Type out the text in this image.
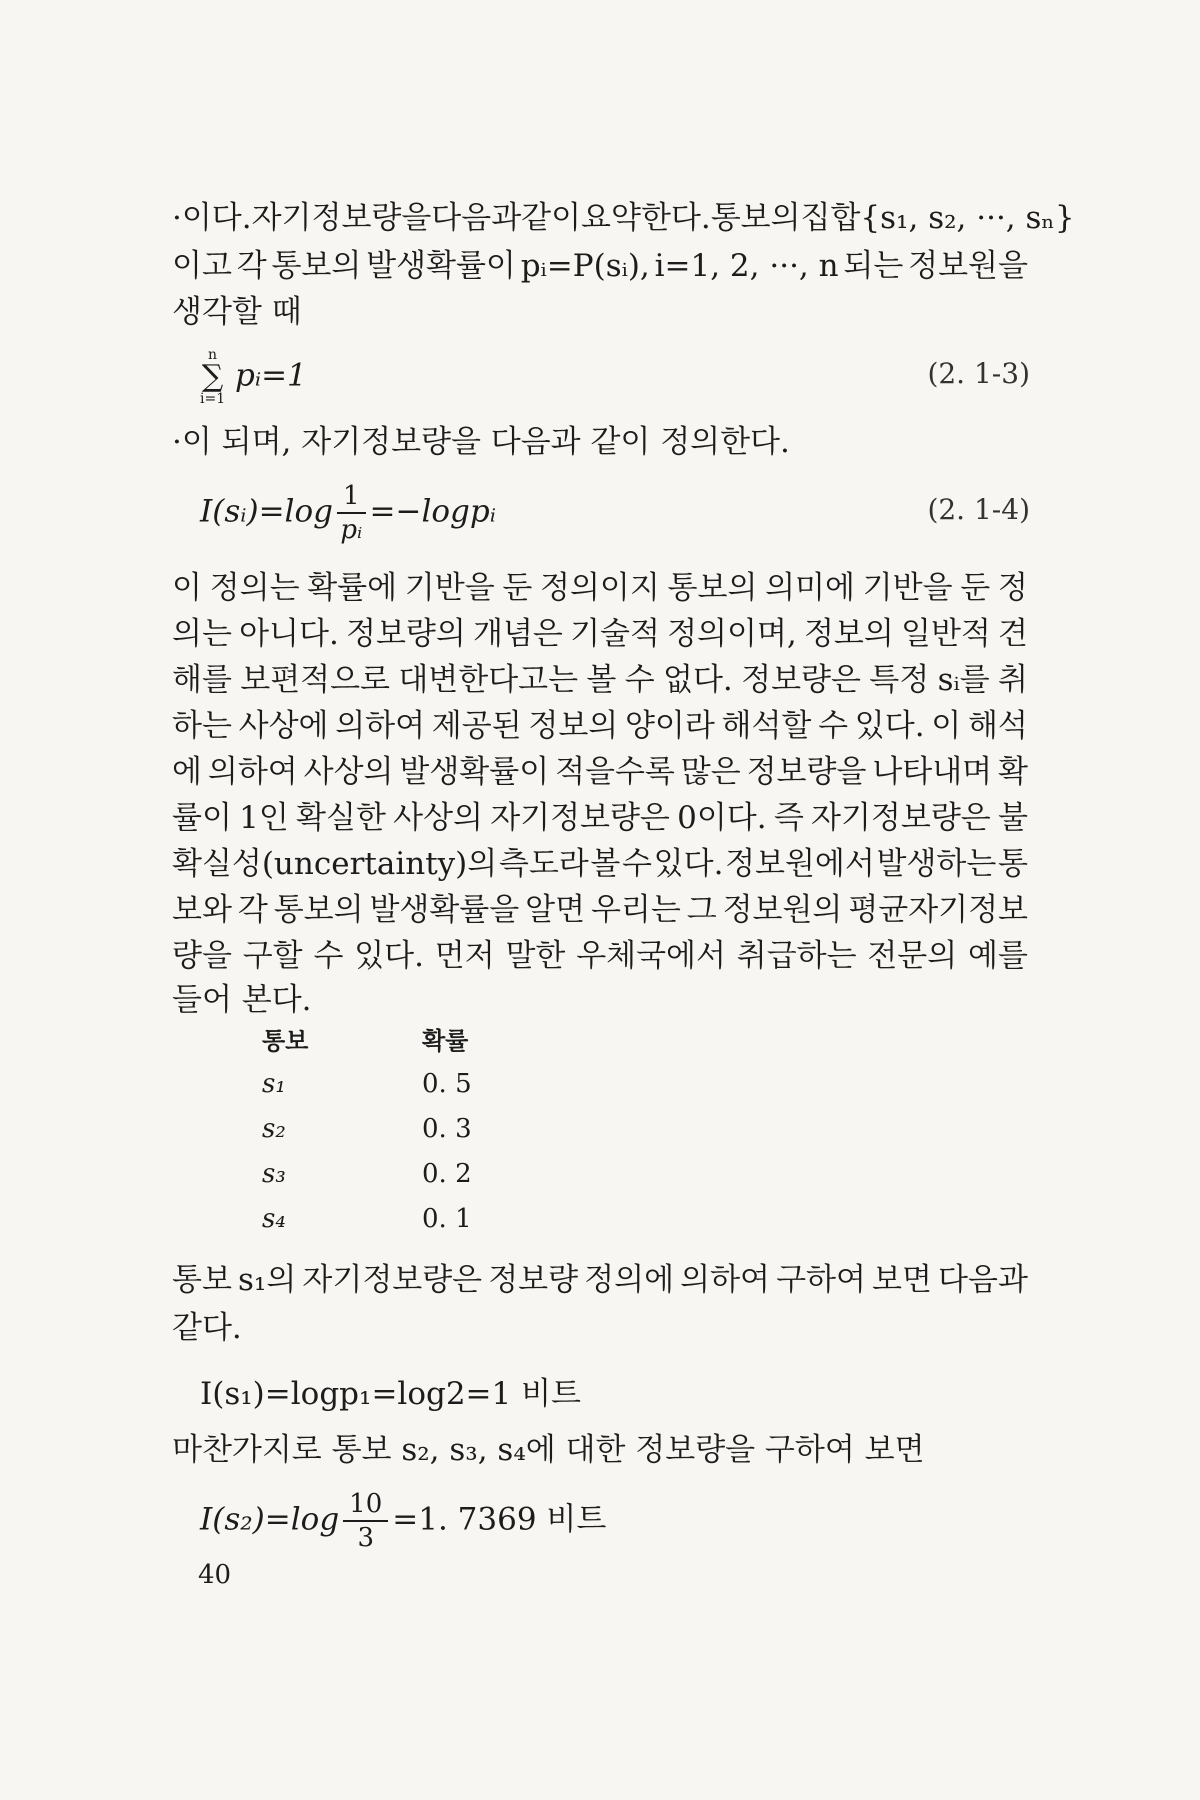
·이다. 자기정보량을 다음과 같이 요약한다. 통보의 집합{s₁, s₂, ···, sₙ}
이고 각 통보의 발생확률이 pᵢ=P(sᵢ), i=1, 2, ···, n 되는 정보원을
생각할 때
n
∑
i=1 pᵢ=1	(2. 1-3)
·이 되며, 자기정보량을 다음과 같이 정의한다.
I(sᵢ)=log $\frac{1}{\text{pᵢ}}$ =−logpᵢ	(2. 1-4)
이 정의는 확률에 기반을 둔 정의이지 통보의 의미에 기반을 둔 정
의는 아니다. 정보량의 개념은 기술적 정의이며, 정보의 일반적 견
해를 보편적으로 대변한다고는 볼 수 없다. 정보량은 특정 sᵢ를 취
하는 사상에 의하여 제공된 정보의 양이라 해석할 수 있다. 이 해석
에 의하여 사상의 발생확률이 적을수록 많은 정보량을 나타내며 확
률이 1인 확실한 사상의 자기정보량은 0이다. 즉 자기정보량은 불
확실성(uncertainty)의 측도라 볼 수 있다. 정보원에서 발생하는 통
보와 각 통보의 발생확률을 알면 우리는 그 정보원의 평균자기정보
량을 구할 수 있다. 먼저 말한 우체국에서 취급하는 전문의 예를
들어 본다.
통보	확률
s₁	0. 5
s₂	0. 3
s₃	0. 2
s₄	0. 1
통보 s₁의 자기정보량은 정보량 정의에 의하여 구하여 보면 다음과
같다.
I(s₁)=logp₁=log2=1 비트
마찬가지로 통보 s₂, s₃, s₄에 대한 정보량을 구하여 보면
$I(s_2)=\log \frac{10}{3} =1$. 7369 비트
40
